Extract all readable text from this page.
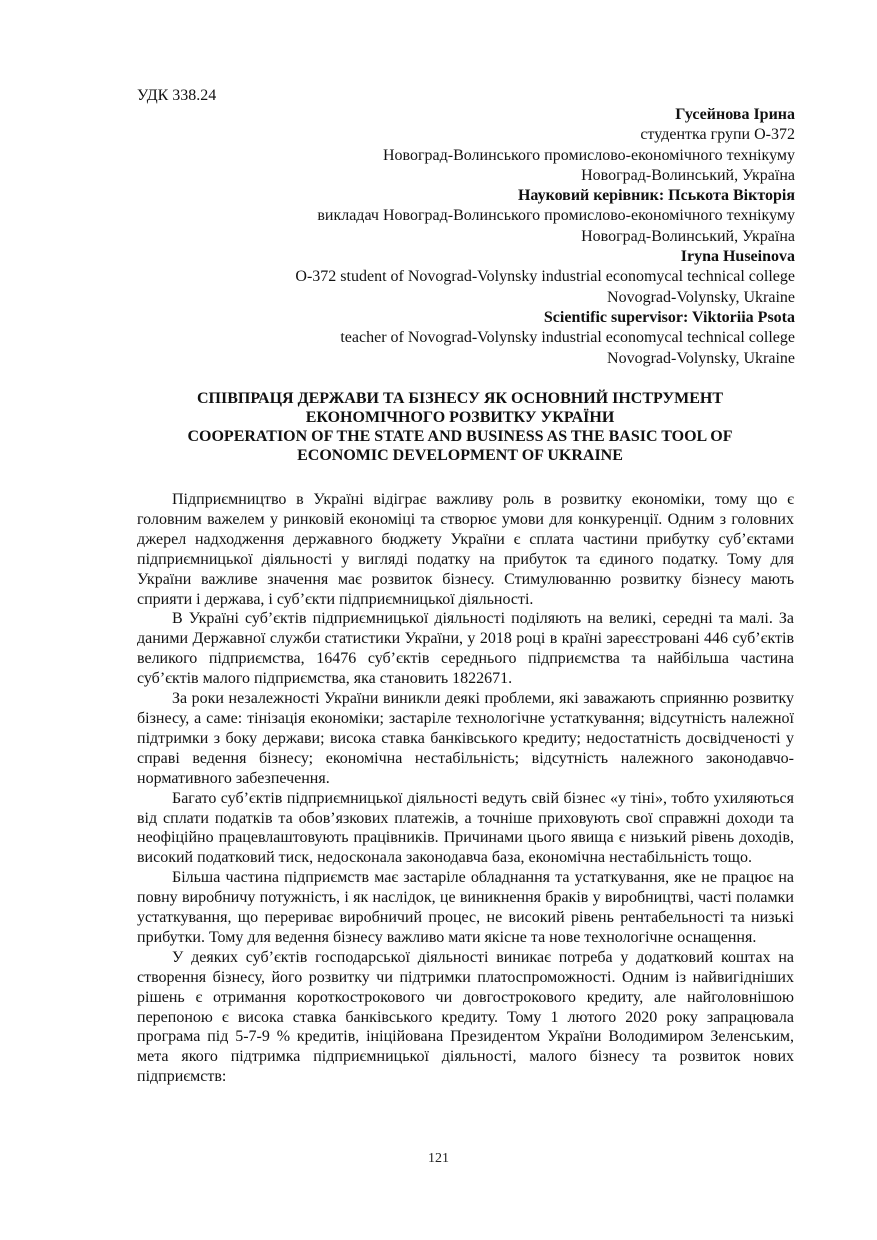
УДК 338.24
Гусейнова Ірина
студентка групи О-372
Новоград-Волинського промислово-економічного технікуму
Новоград-Волинський, Україна
Науковий керівник: Пськота Вікторія
викладач Новоград-Волинського промислово-економічного технікуму
Новоград-Волинський, Україна
Iryna Huseinova
O-372 student of Novograd-Volynsky industrial economycal technical college
Novograd-Volynsky, Ukraine
Scientific supervisor: Viktoriia Psota
teacher of Novograd-Volynsky industrial economycal technical college
Novograd-Volynsky, Ukraine
СПІВПРАЦЯ ДЕРЖАВИ ТА БІЗНЕСУ ЯК ОСНОВНИЙ ІНСТРУМЕНТ
ЕКОНОМІЧНОГО РОЗВИТКУ УКРАЇНИ
COOPERATION OF THE STATE AND BUSINESS AS THE BASIC TOOL OF
ECONOMIC DEVELOPMENT OF UKRAINE

Підприємництво в Україні відіграє важливу роль в розвитку економіки, тому що є головним важелем у ринковій економіці та створює умови для конкуренції. Одним з головних джерел надходження державного бюджету України є сплата частини прибутку суб’єктами підприємницької діяльності у вигляді податку на прибуток та єдиного податку. Тому для України важливе значення має розвиток бізнесу. Стимулюванню розвитку бізнесу мають сприяти і держава, і суб’єкти підприємницької діяльності.

В Україні суб’єктів підприємницької діяльності поділяють на великі, середні та малі. За даними Державної служби статистики України, у 2018 році в країні зареєстровані 446 суб’єктів великого підприємства, 16476 суб’єктів середнього підприємства та найбільша частина суб’єктів малого підприємства, яка становить 1822671.

За роки незалежності України виникли деякі проблеми, які заважають сприянню розвитку бізнесу, а саме: тінізація економіки; застаріле технологічне устаткування; відсутність належної підтримки з боку держави; висока ставка банківського кредиту; недостатність досвідченості у справі ведення бізнесу; економічна нестабільність; відсутність належного законодавчо-нормативного забезпечення.

Багато суб’єктів підприємницької діяльності ведуть свій бізнес «у тіні», тобто ухиляються від сплати податків та обов’язкових платежів, а точніше приховують свої справжні доходи та неофіційно працевлаштовують працівників. Причинами цього явища є низький рівень доходів, високий податковий тиск, недосконала законодавча база, економічна нестабільність тощо.

Більша частина підприємств має застаріле обладнання та устаткування, яке не працює на повну виробничу потужність, і як наслідок, це виникнення браків у виробництві, часті поламки устаткування, що перериває виробничий процес, не високий рівень рентабельності та низькі прибутки. Тому для ведення бізнесу важливо мати якісне та нове технологічне оснащення.

У деяких суб’єктів господарської діяльності виникає потреба у додатковий коштах на створення бізнесу, його розвитку чи підтримки платоспроможності. Одним із найвигідніших рішень є отримання короткострокового чи довгострокового кредиту, але найголовнішою перепоною є висока ставка банківського кредиту. Тому 1 лютого 2020 року запрацювала програма під 5-7-9 % кредитів, ініційована Президентом України Володимиром Зеленським, мета якого підтримка підприємницької діяльності, малого бізнесу та розвиток нових підприємств:

121
